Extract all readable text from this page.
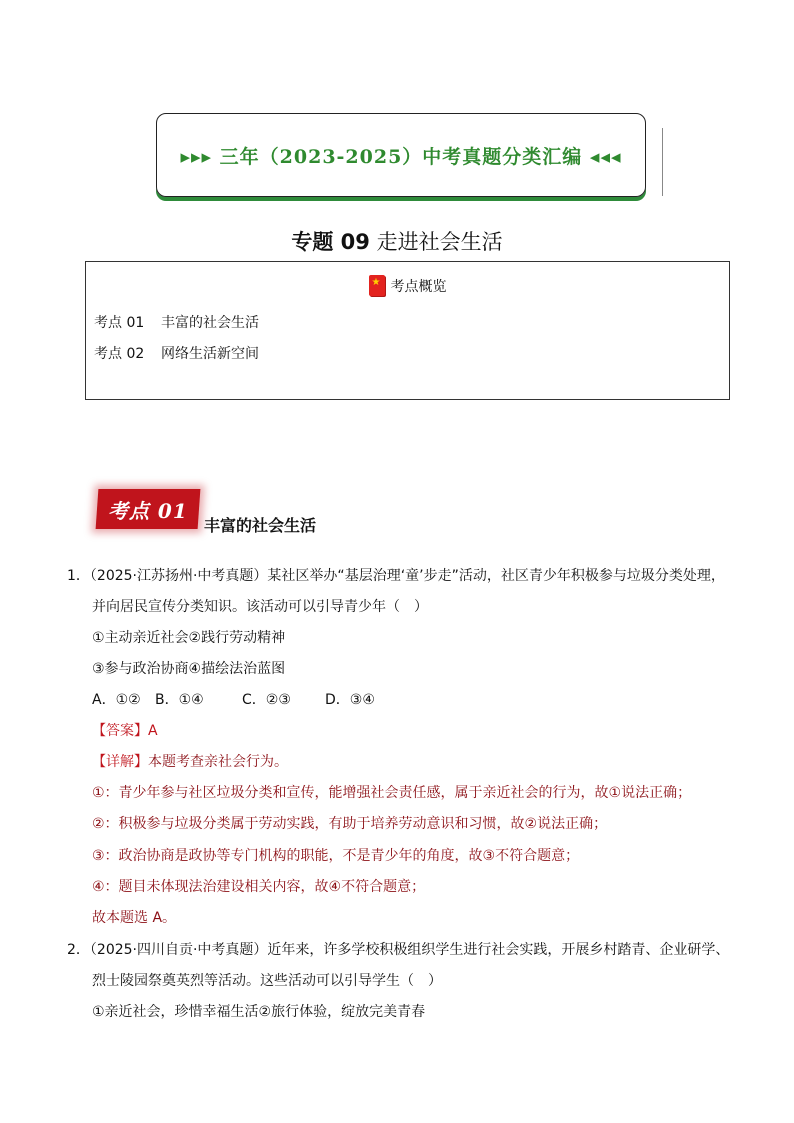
▸▸▸ 三年（2023-2025）中考真题分类汇编 ◂◂◂
专题 09 走进社会生活
★
考点概览
考点 01 丰富的社会生活
考点 02 网络生活新空间
考点 01
丰富的社会生活
1．（2025·江苏扬州·中考真题）某社区举办“基层治理‘童’步走”活动，社区青少年积极参与垃圾分类处理，
并向居民宣传分类知识。该活动可以引导青少年（　）
①主动亲近社会②践行劳动精神
③参与政治协商④描绘法治蓝图
A．①② B．①④	C．②③ D．③④
【答案】A
【详解】本题考查亲社会行为。
①：青少年参与社区垃圾分类和宣传，能增强社会责任感，属于亲近社会的行为，故①说法正确；
②：积极参与垃圾分类属于劳动实践，有助于培养劳动意识和习惯，故②说法正确；
③：政治协商是政协等专门机构的职能，不是青少年的角度，故③不符合题意；
④：题目未体现法治建设相关内容，故④不符合题意；
故本题选 A。
2．（2025·四川自贡·中考真题）近年来，许多学校积极组织学生进行社会实践，开展乡村踏青、企业研学、
烈士陵园祭奠英烈等活动。这些活动可以引导学生（　）
①亲近社会，珍惜幸福生活②旅行体验，绽放完美青春
